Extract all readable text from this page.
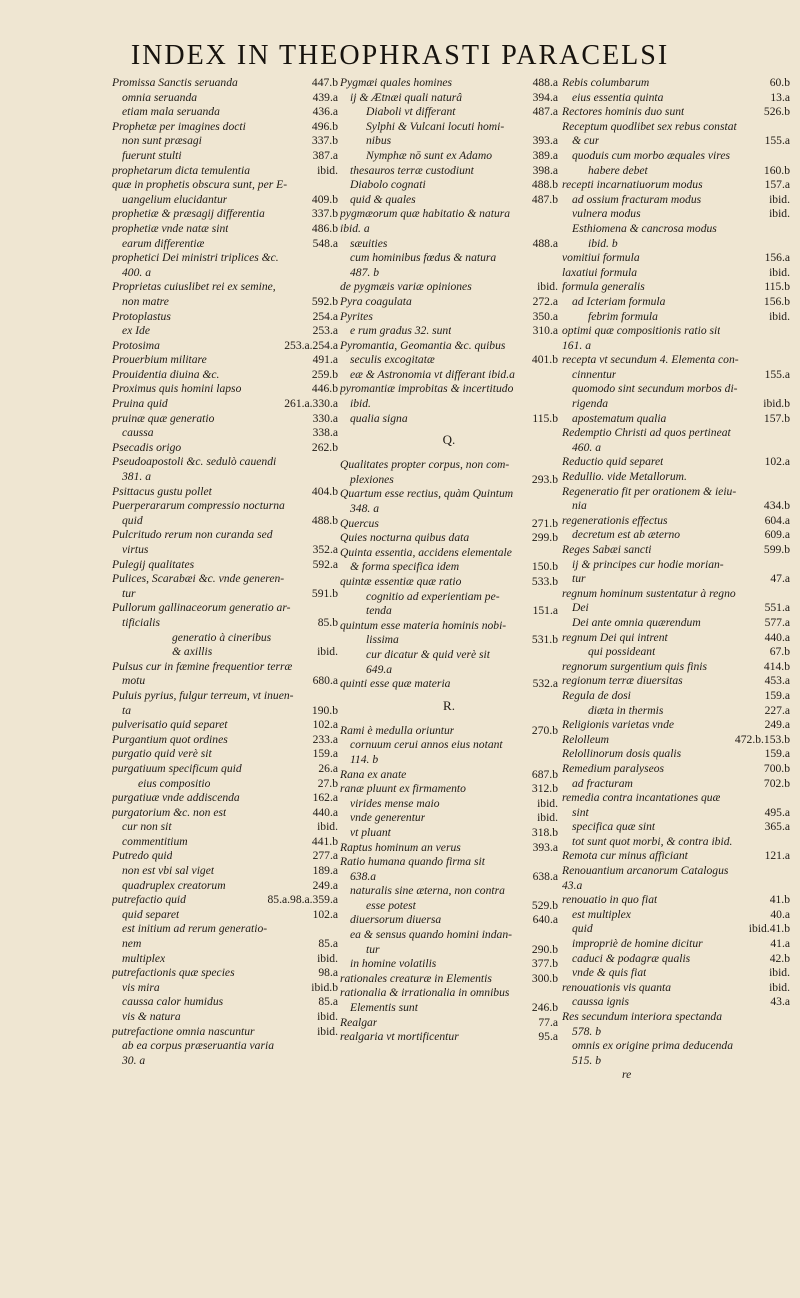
INDEX IN THEOPHRASTI PARACELSI
Promissa Sanctis seruanda	447.b
omnia seruanda	439.a
etiam mala seruanda	436.a
Prophetæ per imagines docti	496.b
non sunt præsagi	337.b
fuerunt stulti	387.a
prophetarum dicta temulentia	ibid.
quæ in prophetis obscura sunt, per E-
uangelium elucidantur	409.b
prophetiæ & præsagij differentia	337.b
prophetiæ vnde natæ sint	486.b
earum differentiæ	548.a
prophetici Dei ministri triplices &c.
400. a
Proprietas cuiuslibet rei ex semine,
non matre	592.b
Protoplastus	254.a
ex Ide	253.a
Protosima	253.a.254.a
Prouerbium militare	491.a
Prouidentia diuina &c.	259.b
Proximus quis homini lapso	446.b
Pruina quid	261.a.330.a
pruinæ quæ generatio	330.a
caussa	338.a
Psecadis origo	262.b
Pseudoapostoli &c. sedulò cauendi
381. a
Psittacus gustu pollet	404.b
Puerperararum compressio nocturna
quid	488.b
Pulcritudo rerum non curanda sed
virtus	352.a
Pulegij qualitates	592.a
Pulices, Scarabæi &c. vnde generen-
tur	591.b
Pullorum gallinaceorum generatio ar-
tificialis	85.b
generatio à cineribus
& axillis	ibid.
Pulsus cur in fæmine frequentior terræ
motu	680.a
Puluis pyrius, fulgur terreum, vt inuen-
ta	190.b
pulverisatio quid separet	102.a
Purgantium quot ordines	233.a
purgatio quid verè sit	159.a
purgatiuum specificum quid	26.a
eius compositio	27.b
purgatiuæ vnde addiscenda	162.a
purgatorium &c. non est	440.a
cur non sit	ibid.
commentitium	441.b
Putredo quid	277.a
non est vbi sal viget	189.a
quadruplex creatorum	249.a
putrefactio quid	85.a.98.a.359.a
quid separet	102.a
est initium ad rerum generatio-
nem	85.a
multiplex	ibid.
putrefactionis quæ species	98.a
vis mira	ibid.b
caussa calor humidus	85.a
vis & natura	ibid.
putrefactione omnia nascuntur	ibid.
ab ea corpus præseruantia varia
30. a
Pygmæi quales homines	488.a
ij & Ætnæi quali naturâ	394.a
Diaboli vt differant	487.a
Sylphi & Vulcani locuti homi-
nibus	393.a
Nymphæ nō sunt ex Adamo	389.a
thesauros terræ custodiunt	398.a
Diabolo cognati	488.b
quid & quales	487.b
pygmæorum quæ habitatio & natura
ibid. a
sæuities	488.a
cum hominibus fœdus & natura
487. b
de pygmæis variæ opiniones	ibid.
Pyra coagulata	272.a
Pyrites	350.a
e rum gradus 32. sunt	310.a
Pyromantia, Geomantia &c. quibus
seculis excogitatæ	401.b
eæ & Astronomia vt differant ibid.a
pyromantiæ improbitas & incertitudo
ibid.
qualia signa	115.b
Q.
Qualitates propter corpus, non com-
plexiones	293.b
Quartum esse rectius, quàm Quintum
348. a
Quercus	271.b
Quies nocturna quibus data	299.b
Quinta essentia, accidens elementale
& forma specifica idem	150.b
quintæ essentiæ quæ ratio	533.b
cognitio ad experientiam pe-
tenda	151.a
quintum esse materia hominis nobi-
lissima	531.b
cur dicatur & quid verè sit
649.a
quinti esse quæ materia	532.a
R.
Rami è medulla oriuntur	270.b
cornuum cerui annos eius notant
114. b
Rana ex anate	687.b
ranæ pluunt ex firmamento	312.b
virides mense maio	ibid.
vnde generentur	ibid.
vt pluant	318.b
Raptus hominum an verus	393.a
Ratio humana quando firma sit
638.a	638.a
naturalis sine æterna, non contra
esse potest	529.b
diuersorum diuersa	640.a
ea & sensus quando homini indan-
tur	290.b
in homine volatilis	377.b
rationales creaturæ in Elementis	300.b
rationalia & irrationalia in omnibus
Elementis sunt	246.b
Realgar	77.a
realgaria vt mortificentur	95.a
Rebis columbarum	60.b
eius essentia quinta	13.a
Rectores hominis duo sunt	526.b
Receptum quodlibet sex rebus constat
& cur	155.a
quoduis cum morbo æquales vires
habere debet	160.b
recepti incarnatiuorum modus	157.a
ad ossium fracturam modus	ibid.
vulnera modus	ibid.
Esthiomena & cancrosa modus
ibid. b
vomitiui formula	156.a
laxatiui formula	ibid.
formula generalis	115.b
ad Icteriam formula	156.b
febrim formula	ibid.
optimi quæ compositionis ratio sit
161. a
recepta vt secundum 4. Elementa con-
cinnentur	155.a
quomodo sint secundum morbos di-
rigenda	ibid.b
apostematum qualia	157.b
Redemptio Christi ad quos pertineat
460. a
Reductio quid separet	102.a
Redullio. vide Metallorum.
Regeneratio fit per orationem & ieiu-
nia	434.b
regenerationis effectus	604.a
decretum est ab æterno	609.a
Reges Sabæi sancti	599.b
ij & principes cur hodie morian-
tur	47.a
regnum hominum sustentatur à regno
Dei	551.a
Dei ante omnia quærendum	577.a
regnum Dei qui intrent	440.a
qui possideant	67.b
regnorum surgentium quis finis	414.b
regionum terræ diuersitas	453.a
Regula de dosi	159.a
diæta in thermis	227.a
Religionis varietas vnde	249.a
Relolleum	472.b.153.b
Relollinorum dosis qualis	159.a
Remedium paralyseos	700.b
ad fracturam	702.b
remedia contra incantationes quæ
sint	495.a
specifica quæ sint	365.a
tot sunt quot morbi, & contra ibid.
Remota cur minus afficiant	121.a
Renouantium arcanorum Catalogus
43.a
renouatio in quo fiat	41.b
est multiplex	40.a
quid	ibid.41.b
impropriè de homine dicitur	41.a
caduci & podagræ qualis	42.b
vnde & quis fiat	ibid.
renouationis vis quanta	ibid.
caussa ignis	43.a
Res secundum interiora spectanda
578. b
omnis ex origine prima deducenda
515. b
re
